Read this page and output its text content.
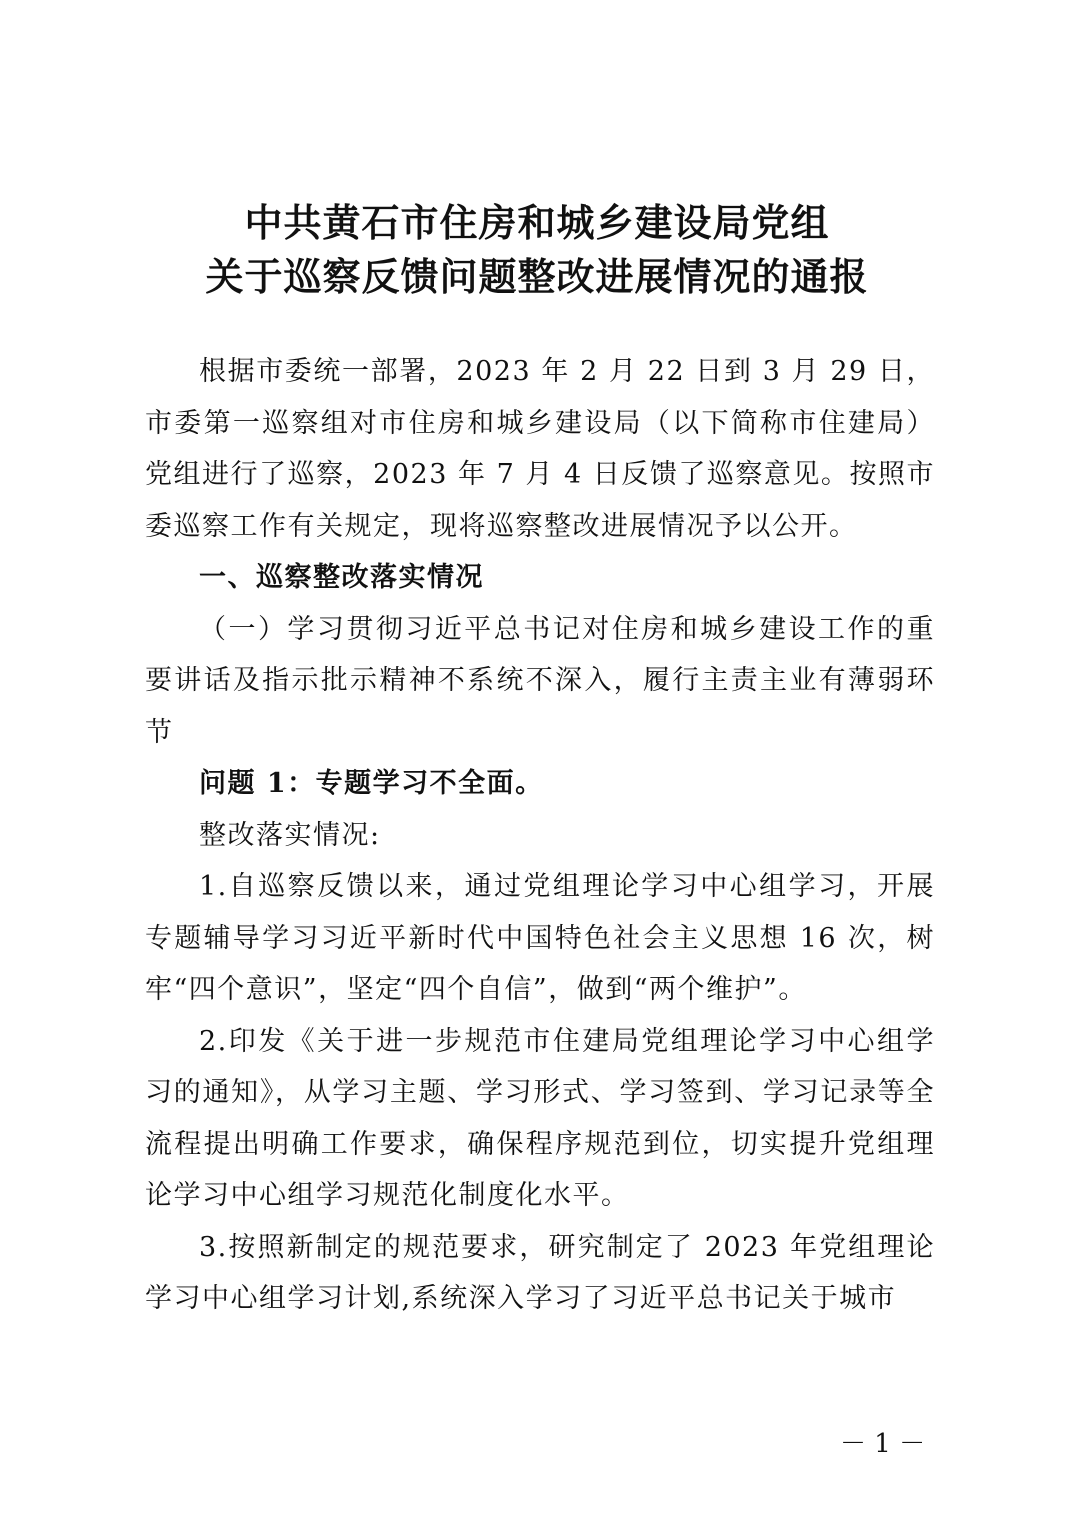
中共黄石市住房和城乡建设局党组
关于巡察反馈问题整改进展情况的通报

根据市委统一部署，2023 年 2 月 22 日到 3 月 29 日，市委第一巡察组对市住房和城乡建设局（以下简称市住建局）党组进行了巡察，2023 年 7 月 4 日反馈了巡察意见。按照市委巡察工作有关规定，现将巡察整改进展情况予以公开。

一、巡察整改落实情况

（一）学习贯彻习近平总书记对住房和城乡建设工作的重要讲话及指示批示精神不系统不深入，履行主责主业有薄弱环节

问题 1：专题学习不全面。

整改落实情况:

1.自巡察反馈以来，通过党组理论学习中心组学习，开展专题辅导学习习近平新时代中国特色社会主义思想 16 次，树牢“四个意识”，坚定“四个自信”，做到“两个维护”。

2.印发《关于进一步规范市住建局党组理论学习中心组学习的通知》，从学习主题、学习形式、学习签到、学习记录等全流程提出明确工作要求，确保程序规范到位，切实提升党组理论学习中心组学习规范化制度化水平。

3.按照新制定的规范要求，研究制定了 2023 年党组理论学习中心组学习计划,系统深入学习了习近平总书记关于城市

－ 1 －
